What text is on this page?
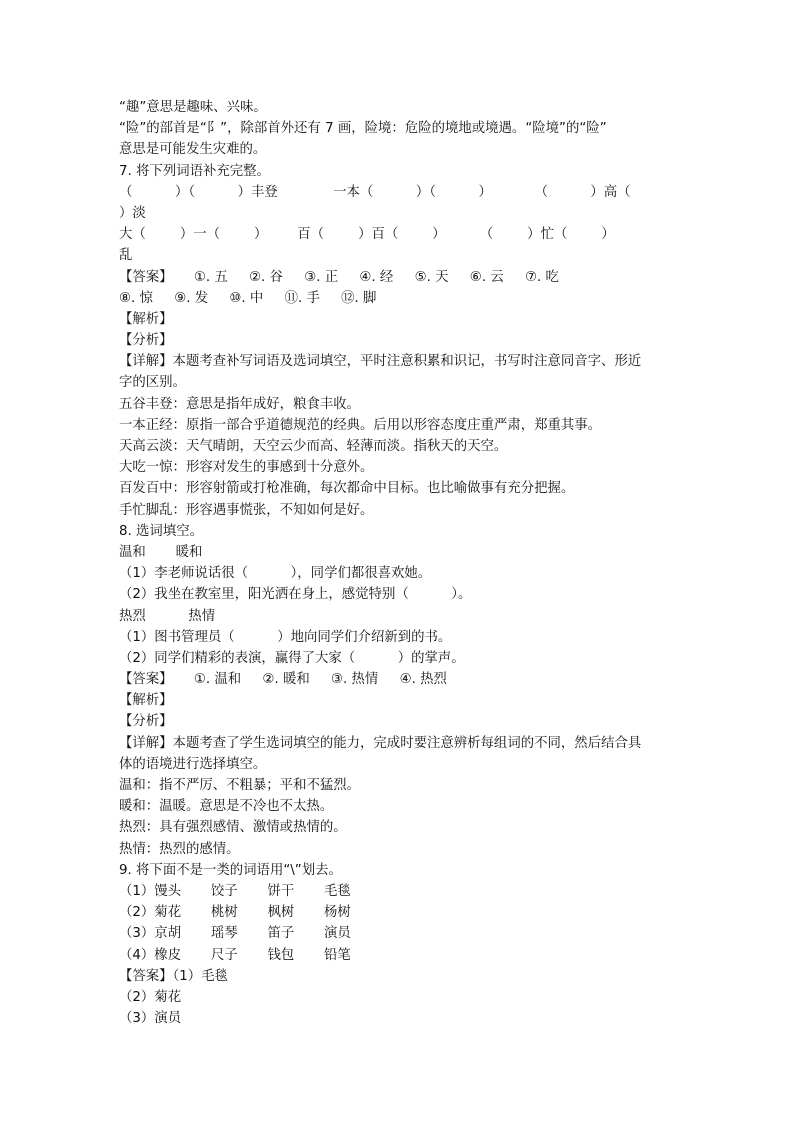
“趣”意思是趣味、兴味。
“险”的部首是“阝”，除部首外还有 7 画，险境：危险的境地或境遇。“险境”的“险”
意思是可能发生灾难的。
7. 将下列词语补充完整。
（          ）（          ）丰登             一本（          ）（          ）          （          ）高（
）淡
大（        ）一（        ）       百（        ）百（        ）        （        ）忙（        ）
乱
【答案】     ①. 五     ②. 谷     ③. 正     ④. 经     ⑤. 天     ⑥. 云     ⑦. 吃
⑧. 惊     ⑨. 发     ⑩. 中     ⑪. 手     ⑫. 脚
【解析】
【分析】
【详解】本题考查补写词语及选词填空，平时注意积累和识记，书写时注意同音字、形近
字的区别。
五谷丰登：意思是指年成好，粮食丰收。
一本正经：原指一部合乎道德规范的经典。后用以形容态度庄重严肃，郑重其事。
天高云淡：天气晴朗，天空云少而高、轻薄而淡。指秋天的天空。
大吃一惊：形容对发生的事感到十分意外。
百发百中：形容射箭或打枪准确，每次都命中目标。也比喻做事有充分把握。
手忙脚乱：形容遇事慌张，不知如何是好。
8. 选词填空。
温和       暖和
（1）李老师说话很（          ），同学们都很喜欢她。
（2）我坐在教室里，阳光洒在身上，感觉特别（          ）。
热烈          热情
（1）图书管理员（          ）地向同学们介绍新到的书。
（2）同学们精彩的表演，赢得了大家（          ）的掌声。
【答案】     ①. 温和     ②. 暖和     ③. 热情     ④. 热烈
【解析】
【分析】
【详解】本题考查了学生选词填空的能力，完成时要注意辨析每组词的不同，然后结合具
体的语境进行选择填空。
温和：指不严厉、不粗暴；平和不猛烈。
暖和：温暖。意思是不冷也不太热。
热烈：具有强烈感情、激情或热情的。
热情：热烈的感情。
9. 将下面不是一类的词语用“\”划去。
（1）馒头       饺子       饼干       毛毯
（2）菊花       桃树       枫树       杨树
（3）京胡       瑶琴       笛子       演员
（4）橡皮       尺子       钱包       铅笔
【答案】（1）毛毯
（2）菊花
（3）演员
